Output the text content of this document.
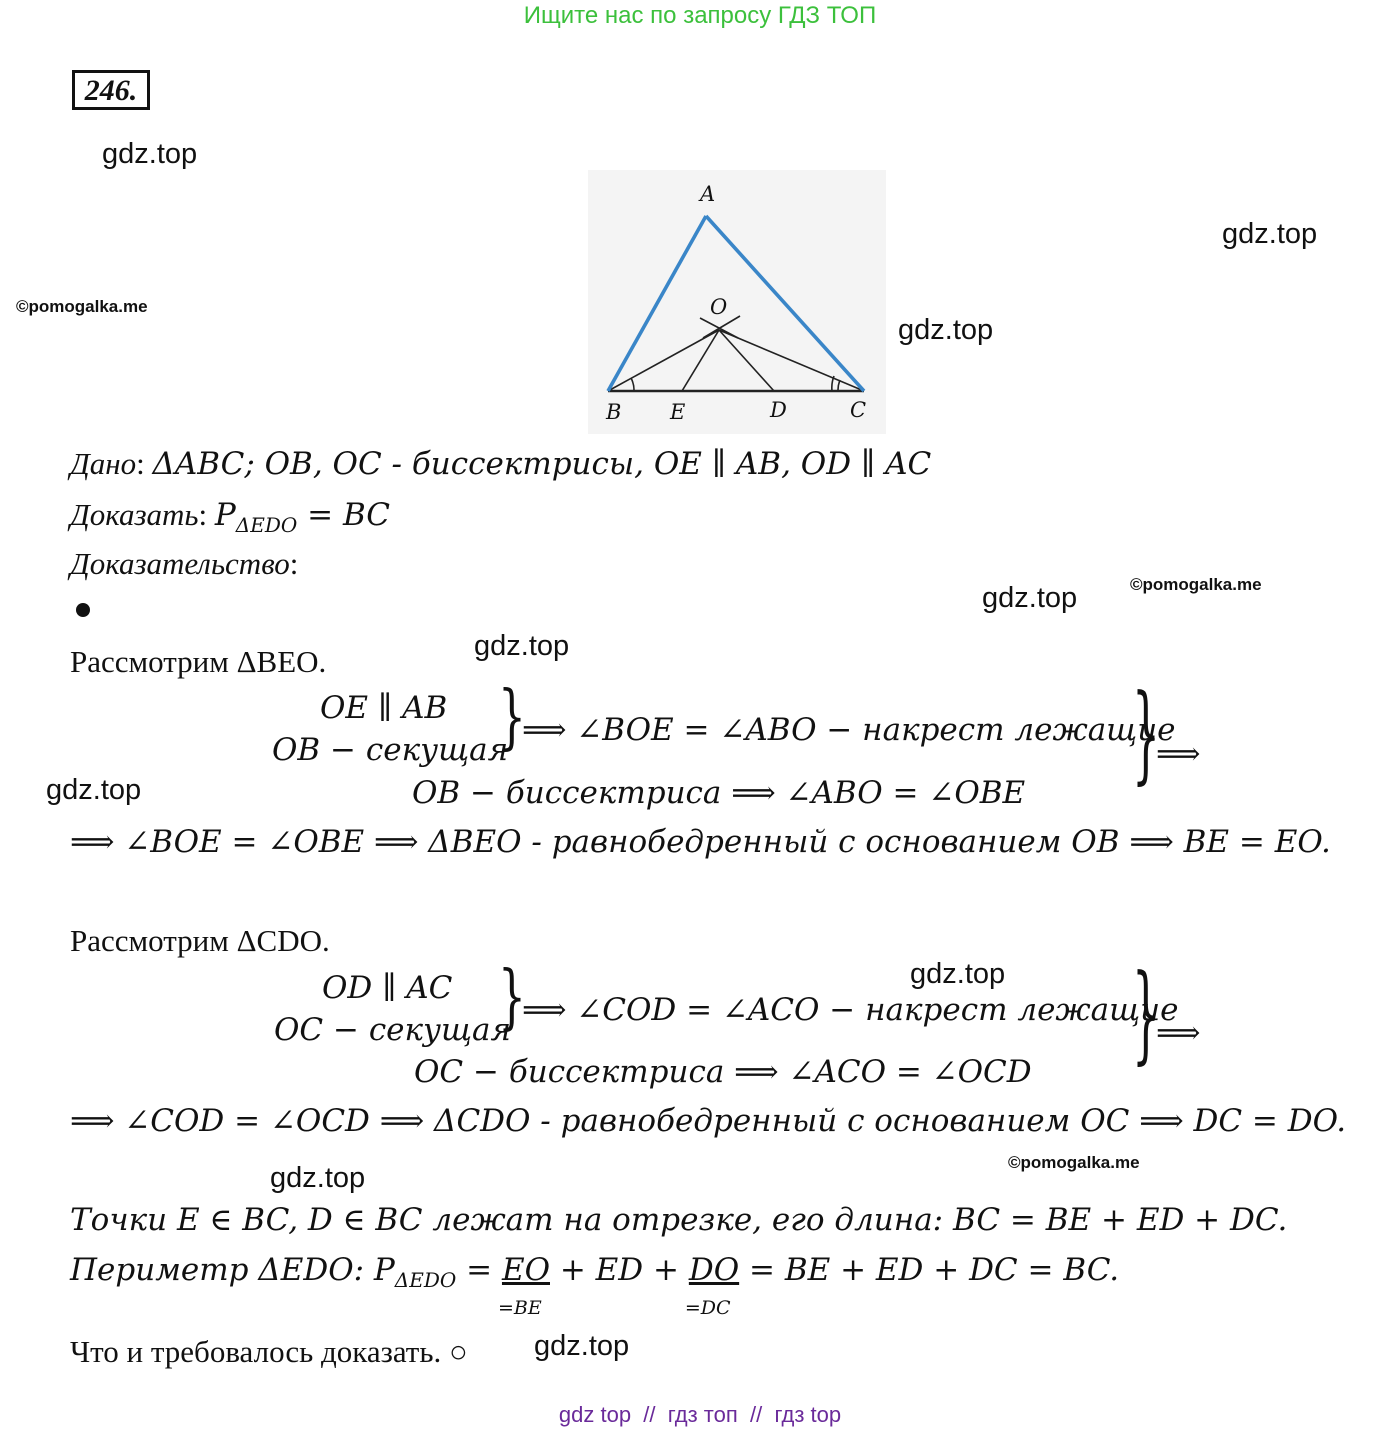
Ищите нас по запросу ГДЗ ТОП
246.
gdz.top
gdz.top
gdz.top
gdz.top
gdz.top
gdz.top
gdz.top
gdz.top
gdz.top
©pomogalka.me
©pomogalka.me
©pomogalka.me
A
O
B E	D	C
Дано: ΔABC; OB, OC - биссектрисы, OE ∥ AB, OD ∥ AC
Доказать: $P_{\Delta EDO}$ = BC
Доказательство:
Рассмотрим ΔBEO.
OE ∥ AB
OB − секущая
}
⟹ ∠BOE = ∠ABO − накрест лежащие
OB − биссектриса ⟹ ∠ABO = ∠OBE }
⟹
⟹ ∠BOE = ∠OBE ⟹ ΔBEO - равнобедренный с основанием OB ⟹ BE = EO.
Рассмотрим ΔCDO.
OD ∥ AC
OC − секущая
}
⟹ ∠COD = ∠ACO − накрест лежащие
OC − биссектриса ⟹ ∠ACO = ∠OCD }
⟹
⟹ ∠COD = ∠OCD ⟹ ΔCDO - равнобедренный с основанием OC ⟹ DC = DO.
Точки E ∈ BC, D ∈ BC лежат на отрезке, его длина: BC = BE + ED + DC.
Периметр ΔEDO: $P_{\Delta EDO}$ = EO
=BE
+ ED + DO
=DC
= BE + ED + DC = BC.
Что и требовалось доказать. ○
gdz top  //  гдз топ  //  гдз top
